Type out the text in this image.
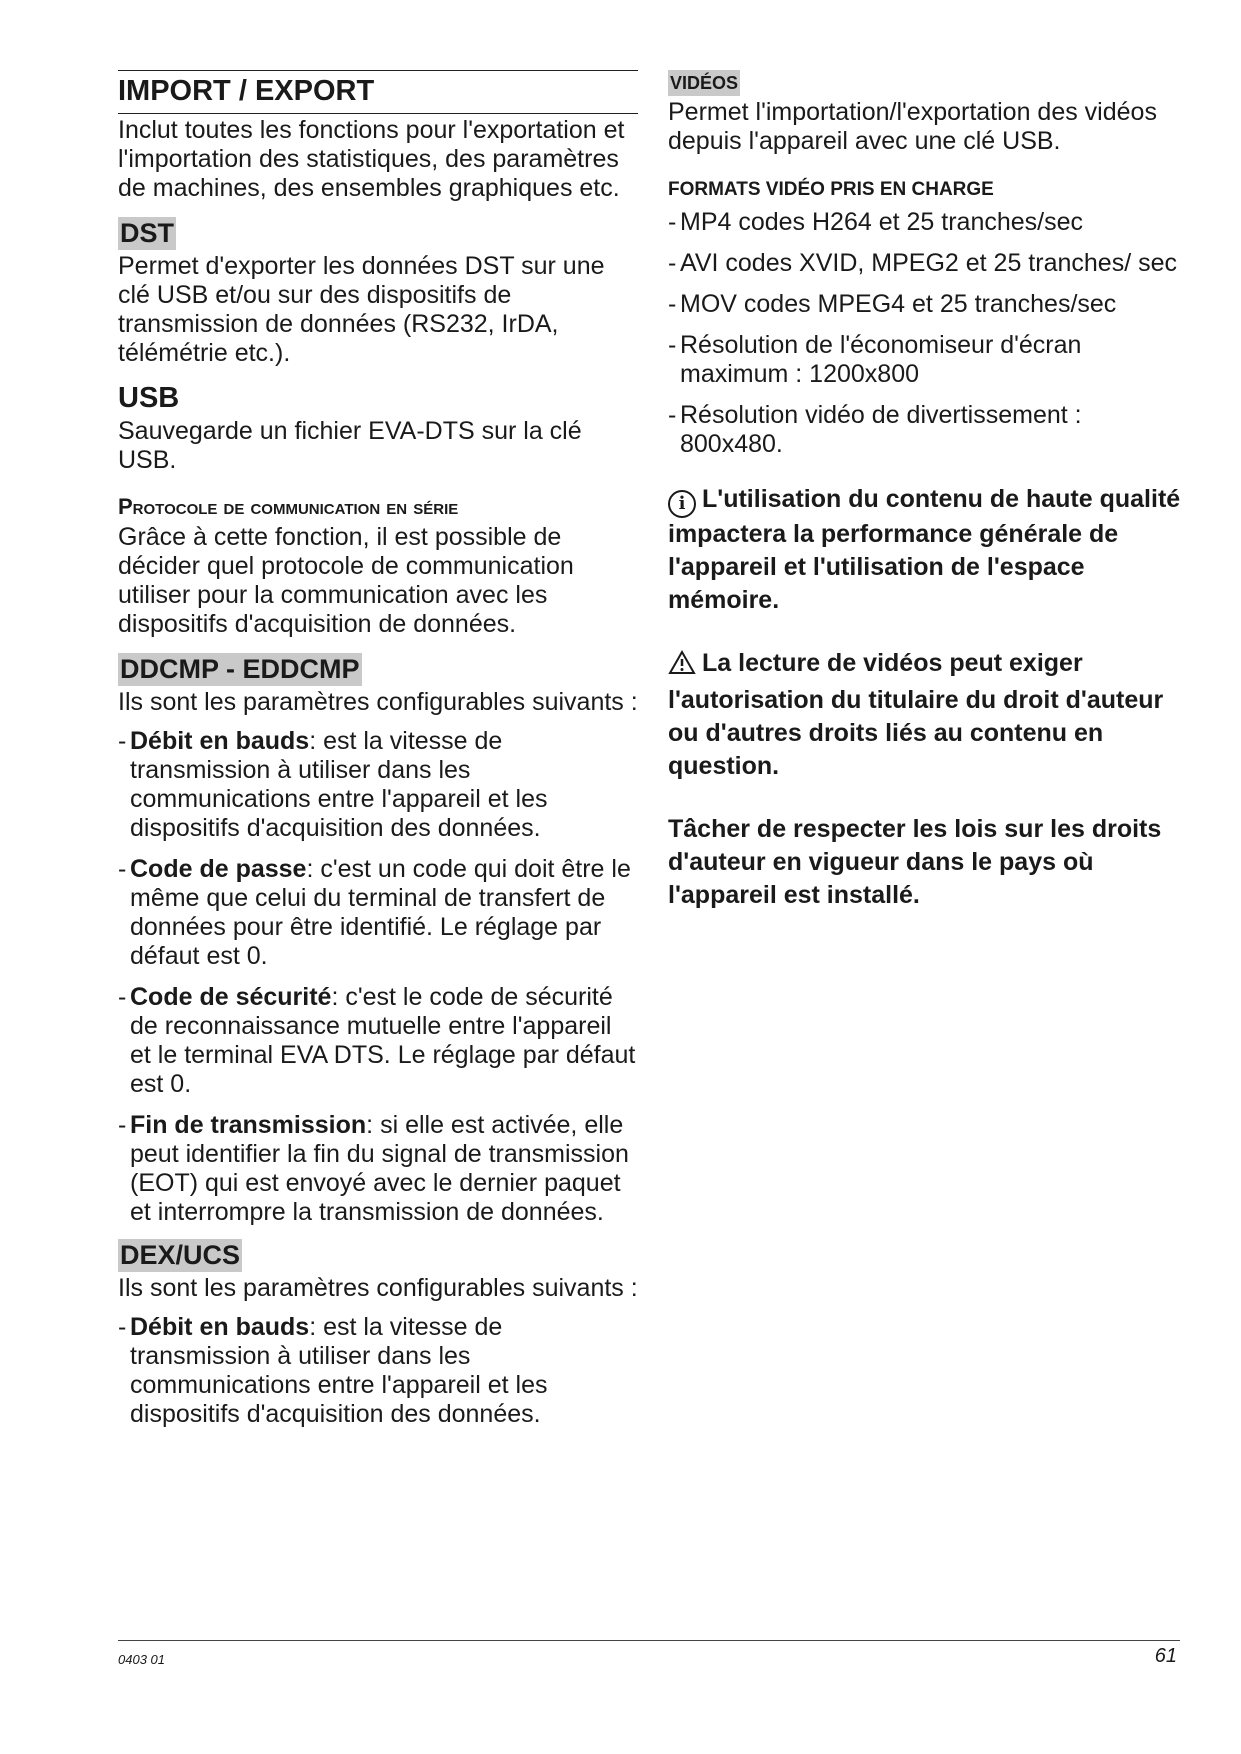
IMPORT / EXPORT

Inclut toutes les fonctions pour l'exportation et l'importation des statistiques, des paramètres de machines, des ensembles graphiques etc.

DST

Permet d'exporter les données DST sur une clé USB et/ou sur des dispositifs de transmission de données (RS232, IrDA, télémétrie etc.).

USB

Sauvegarde un fichier EVA-DTS sur la clé USB.

Protocole de communication en série

Grâce à cette fonction, il est possible de décider quel protocole de communication utiliser pour la communication avec les dispositifs d'acquisition de données.

DDCMP - EDDCMP

Ils sont les paramètres configurables suivants :

- Débit en bauds: est la vitesse de transmission à utiliser dans les communications entre l'appareil et les dispositifs d'acquisition des données.
- Code de passe: c'est un code qui doit être le même que celui du terminal de transfert de données pour être identifié. Le réglage par défaut est 0.
- Code de sécurité: c'est le code de sécurité de reconnaissance mutuelle entre l'appareil et le terminal EVA DTS. Le réglage par défaut est 0.
- Fin de transmission: si elle est activée, elle peut identifier la fin du signal de transmission (EOT) qui est envoyé avec le dernier paquet et interrompre la transmission de données.
DEX/UCS

Ils sont les paramètres configurables suivants :

- Débit en bauds: est la vitesse de transmission à utiliser dans les communications entre l'appareil et les dispositifs d'acquisition des données.
VIDÉOS

Permet l'importation/l'exportation des vidéos depuis l'appareil avec une clé USB.

FORMATS VIDÉO PRIS EN CHARGE
- MP4 codes H264 et 25 tranches/sec
- AVI codes XVID, MPEG2 et 25 tranches/ sec
- MOV codes MPEG4 et 25 tranches/sec
- Résolution de l'économiseur d'écran maximum : 1200x800
- Résolution vidéo de divertissement : 800x480.

i L'utilisation du contenu de haute qualité impactera la performance générale de l'appareil et l'utilisation de l'espace mémoire.

La lecture de vidéos peut exiger l'autorisation du titulaire du droit d'auteur ou d'autres droits liés au contenu en question.

Tâcher de respecter les lois sur les droits d'auteur en vigueur dans le pays où l'appareil est installé.

0403 01	61
